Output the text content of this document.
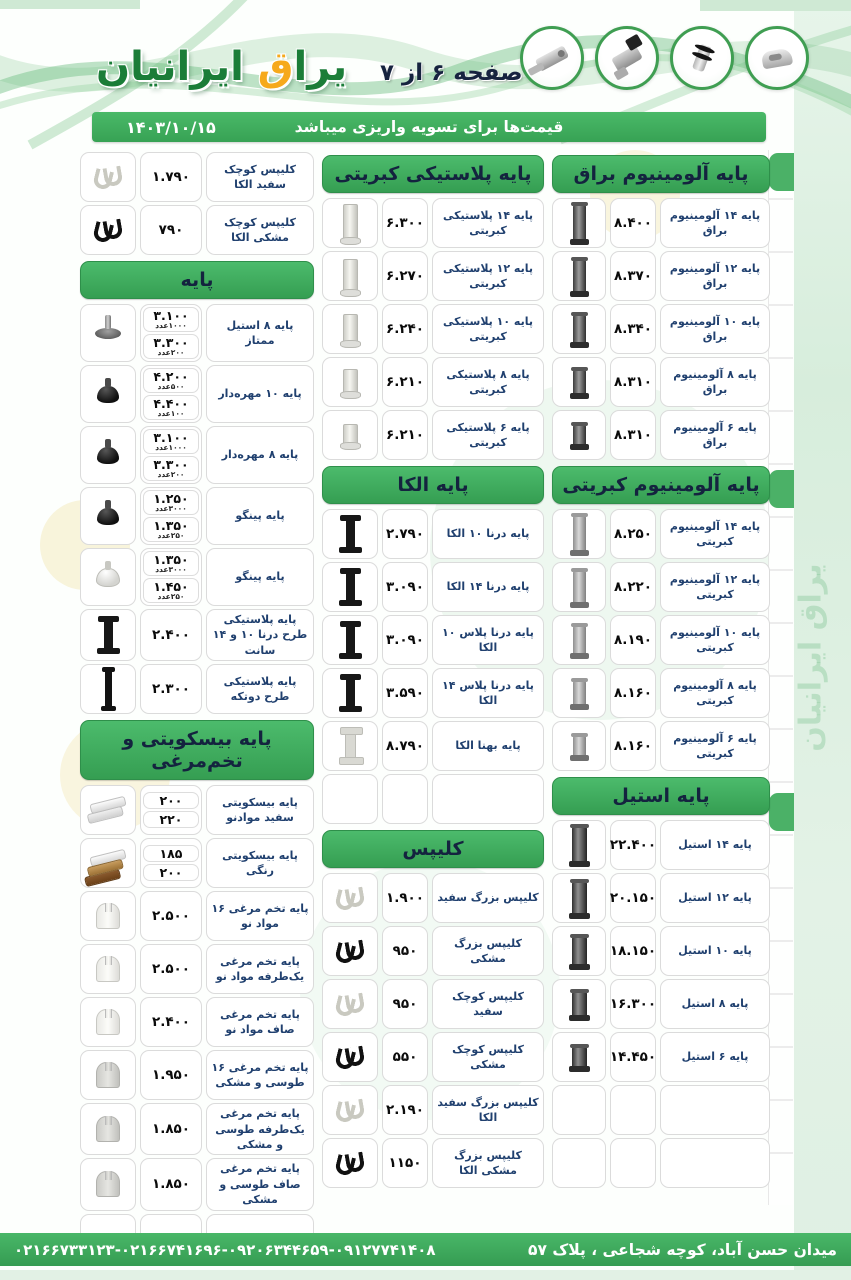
یراق ایرانیان
یراق ایرانیان	صفحه ۶ از ۷
قیمت‌ها برای تسویه واریزی میباشد
۱۴۰۳/۱۰/۱۵
پایه آلومینیوم براق
پایه ۱۴ آلومینیوم براق
۸.۴۰۰
پایه ۱۲ آلومینیوم براق
۸.۳۷۰
پایه ۱۰ آلومینیوم براق
۸.۳۴۰
پایه ۸ آلومینیوم براق
۸.۳۱۰
پایه ۶ آلومینیوم براق
۸.۳۱۰
پایه آلومینیوم کبریتی
پایه ۱۴ آلومینیوم کبریتی
۸.۲۵۰
پایه ۱۲ آلومینیوم کبریتی
۸.۲۲۰
پایه ۱۰ آلومینیوم کبریتی
۸.۱۹۰
پایه ۸ آلومینیوم کبریتی
۸.۱۶۰
پایه ۶ آلومینیوم کبریتی
۸.۱۶۰
پایه استیل
پایه ۱۴ استیل
۲۲.۴۰۰
پایه ۱۲ استیل
۲۰.۱۵۰
پایه ۱۰ استیل
۱۸.۱۵۰
پایه ۸ استیل
۱۶.۳۰۰
پایه ۶ استیل
۱۴.۴۵۰
پایه پلاستیکی کبریتی
پایه ۱۴ پلاستیکی کبریتی
۶.۳۰۰
پایه ۱۲ پلاستیکی کبریتی
۶.۲۷۰
پایه ۱۰ پلاستیکی کبریتی
۶.۲۴۰
پایه ۸ پلاستیکی کبریتی
۶.۲۱۰
پایه ۶ پلاستیکی کبریتی
۶.۲۱۰
پایه الکا
پایه درنا ۱۰ الکا
۲.۷۹۰
پایه درنا ۱۴ الکا
۳.۰۹۰
پایه درنا پلاس ۱۰ الکا
۳.۰۹۰
پایه درنا پلاس ۱۴ الکا
۳.۵۹۰
پایه بهنا الکا
۸.۷۹۰
کلیپس
کلیپس بزرگ سفید
۱.۹۰۰
کلیپس بزرگ مشکی
۹۵۰
کلیپس کوچک سفید
۹۵۰
کلیپس کوچک مشکی
۵۵۰
کلیپس بزرگ سفید الکا
۲.۱۹۰
کلیپس بزرگ مشکی الکا
۱۱۵۰
کلیپس کوچک سفید الکا
۱.۷۹۰
کلیپس کوچک مشکی الکا
۷۹۰
پایه
پایه ۸ استیل ممتاز
۳.۱۰۰
۱۰۰۰عدد
۳.۳۰۰
۲۰۰عدد
پایه ۱۰ مهره‌دار
۴.۲۰۰
۵۰۰عدد
۴.۴۰۰
۱۰۰عدد
پایه ۸ مهره‌دار
۳.۱۰۰
۱۰۰۰عدد
۳.۳۰۰
۲۰۰عدد
پایه پینگو
۱.۲۵۰
۳۰۰۰عدد
۱.۳۵۰
۲۵۰عدد
پایه پینگو
۱.۳۵۰
۳۰۰۰عدد
۱.۴۵۰
۲۵۰عدد
پایه پلاستیکی طرح درنا ۱۰ و ۱۴ سانت
۲.۴۰۰
پایه پلاستیکی طرح دوتکه
۲.۳۰۰
پایه بیسکویتی و تخم‌مرغی
پایه بیسکویتی سفید موادنو
۲۰۰
۲۲۰
پایه بیسکویتی رنگی
۱۸۵
۲۰۰
پایه تخم مرغی ۱۶ مواد نو
۲.۵۰۰
پایه تخم مرغی یک‌طرفه مواد نو
۲.۵۰۰
پایه تخم مرغی صاف مواد نو
۲.۴۰۰
پایه تخم مرغی ۱۶ طوسی و مشکی
۱.۹۵۰
پایه تخم مرغی یک‌طرفه طوسی و مشکی
۱.۸۵۰
پایه تخم مرغی صاف طوسی و مشکی
۱.۸۵۰
میدان حسن آباد، کوچه شجاعی ، پلاک ۵۷
۰۲۱۶۶۷۳۳۱۲۳-۰۲۱۶۶۷۴۱۶۹۶-۰۹۲۰۶۳۴۴۶۵۹-۰۹۱۲۷۷۴۱۴۰۸
